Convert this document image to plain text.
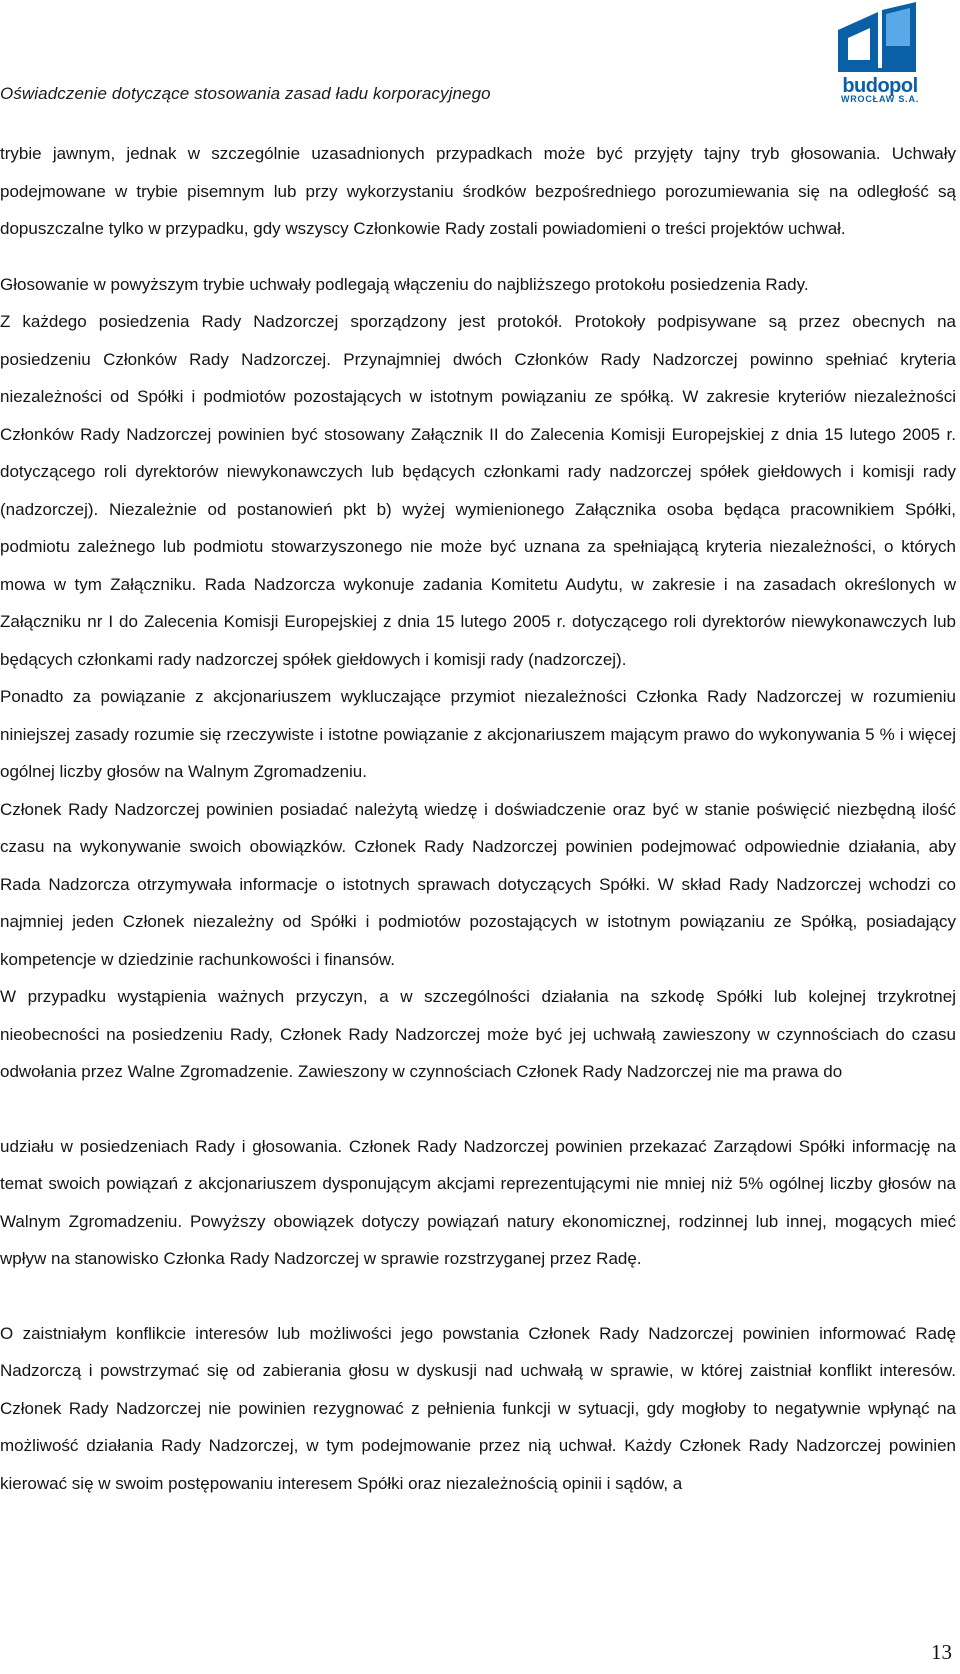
Oświadczenie dotyczące stosowania zasad ładu korporacyjnego	budopol
WROCŁAW S.A.

trybie jawnym, jednak w szczególnie uzasadnionych przypadkach może być przyjęty tajny tryb głosowania. Uchwały podejmowane w trybie pisemnym lub przy wykorzystaniu środków bezpośredniego porozumiewania się na odległość są dopuszczalne tylko w przypadku, gdy wszyscy Członkowie Rady zostali powiadomieni o treści projektów uchwał.

Głosowanie w powyższym trybie uchwały podlegają włączeniu do najbliższego protokołu posiedzenia Rady.

Z każdego posiedzenia Rady Nadzorczej sporządzony jest protokół. Protokoły podpisywane są przez obecnych na posiedzeniu Członków Rady Nadzorczej. Przynajmniej dwóch Członków Rady Nadzorczej powinno spełniać kryteria niezależności od Spółki i podmiotów pozostających w istotnym powiązaniu ze spółką. W zakresie kryteriów niezależności Członków Rady Nadzorczej powinien być stosowany Załącznik II do Zalecenia Komisji Europejskiej z dnia 15 lutego 2005 r. dotyczącego roli dyrektorów niewykonawczych lub będących członkami rady nadzorczej spółek giełdowych i komisji rady (nadzorczej). Niezależnie od postanowień pkt b) wyżej wymienionego Załącznika osoba będąca pracownikiem Spółki, podmiotu zależnego lub podmiotu stowarzyszonego nie może być uznana za spełniającą kryteria niezależności, o których mowa w tym Załączniku. Rada Nadzorcza wykonuje zadania Komitetu Audytu, w zakresie i na zasadach określonych w Załączniku nr I do Zalecenia Komisji Europejskiej z dnia 15 lutego 2005 r. dotyczącego roli dyrektorów niewykonawczych lub będących członkami rady nadzorczej spółek giełdowych i komisji rady (nadzorczej).

Ponadto za powiązanie z akcjonariuszem wykluczające przymiot niezależności Członka Rady Nadzorczej w rozumieniu niniejszej zasady rozumie się rzeczywiste i istotne powiązanie z akcjonariuszem mającym prawo do wykonywania 5 % i więcej ogólnej liczby głosów na Walnym Zgromadzeniu.

Członek Rady Nadzorczej powinien posiadać należytą wiedzę i doświadczenie oraz być w stanie poświęcić niezbędną ilość czasu na wykonywanie swoich obowiązków. Członek Rady Nadzorczej powinien podejmować odpowiednie działania, aby Rada Nadzorcza otrzymywała informacje o istotnych sprawach dotyczących Spółki. W skład Rady Nadzorczej wchodzi co najmniej jeden Członek niezależny od Spółki i podmiotów pozostających w istotnym powiązaniu ze Spółką, posiadający kompetencje w dziedzinie rachunkowości i finansów.

W przypadku wystąpienia ważnych przyczyn, a w szczególności działania na szkodę Spółki lub kolejnej trzykrotnej nieobecności na posiedzeniu Rady, Członek Rady Nadzorczej może być jej uchwałą zawieszony w czynnościach do czasu odwołania przez Walne Zgromadzenie. Zawieszony w czynnościach Członek Rady Nadzorczej nie ma prawa do

udziału w posiedzeniach Rady i głosowania. Członek Rady Nadzorczej powinien przekazać Zarządowi Spółki informację na temat swoich powiązań z akcjonariuszem dysponującym akcjami reprezentującymi nie mniej niż 5% ogólnej liczby głosów na Walnym Zgromadzeniu. Powyższy obowiązek dotyczy powiązań natury ekonomicznej, rodzinnej lub innej, mogących mieć wpływ na stanowisko Członka Rady Nadzorczej w sprawie rozstrzyganej przez Radę.

O zaistniałym konflikcie interesów lub możliwości jego powstania Członek Rady Nadzorczej powinien informować Radę Nadzorczą i powstrzymać się od zabierania głosu w dyskusji nad uchwałą w sprawie, w której zaistniał konflikt interesów. Członek Rady Nadzorczej nie powinien rezygnować z pełnienia funkcji w sytuacji, gdy mogłoby to negatywnie wpłynąć na możliwość działania Rady Nadzorczej, w tym podejmowanie przez nią uchwał. Każdy Członek Rady Nadzorczej powinien kierować się w swoim postępowaniu interesem Spółki oraz niezależnością opinii i sądów, a

13
